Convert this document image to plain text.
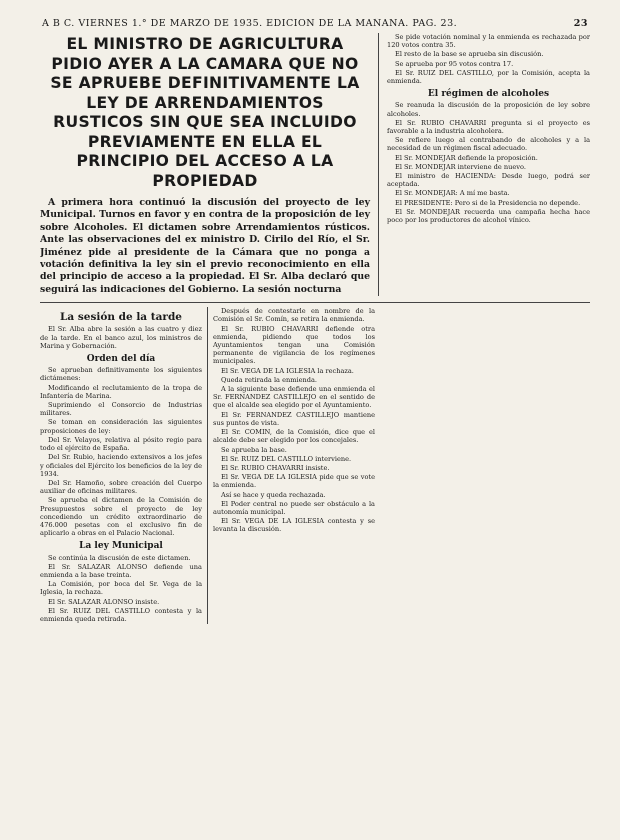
A B C. VIERNES 1.° DE MARZO DE 1935. EDICION DE LA MAÑANA. PAG. 23.	23
EL MINISTRO DE AGRICULTURA PIDIO AYER A LA CAMARA QUE NO SE APRUEBE DEFINITIVAMENTE LA LEY DE ARRENDAMIENTOS RUSTICOS SIN QUE SEA INCLUIDO PREVIAMENTE EN ELLA EL PRINCIPIO DEL ACCESO A LA PROPIEDAD

A primera hora continuó la discusión del proyecto de ley Municipal. Turnos en favor y en contra de la proposición de ley sobre Alcoholes. El dictamen sobre Arrendamientos rústicos. Ante las observaciones del ex ministro D. Cirilo del Río, el Sr. Jiménez pide al presidente de la Cámara que no ponga a votación definitiva la ley sin el previo reconocimiento en ella del principio de acceso a la propiedad. El Sr. Alba declaró que seguirá las indicaciones del Gobierno. La sesión nocturna

Se pide votación nominal y la enmienda es rechazada por 120 votos contra 35.

El resto de la base se aprueba sin discusión.

Se aprueba por 95 votos contra 17.

El Sr. RUIZ DEL CASTILLO, por la Comisión, acepta la enmienda.

El régimen de alcoholes

Se reanuda la discusión de la proposición de ley sobre alcoholes.

El Sr. RUBIO CHAVARRI pregunta si el proyecto es favorable a la industria alcoholera.

Se refiere luego al contrabando de alcoholes y a la necesidad de un régimen fiscal adecuado.

El Sr. MONDEJAR defiende la proposición.

El Sr. MONDEJAR interviene de nuevo.

El ministro de HACIENDA: Desde luego, podrá ser aceptada.

El Sr. MONDEJAR: A mí me basta.

El PRESIDENTE: Pero si de la Presidencia no depende.

El Sr. MONDEJAR recuerda una campaña hecha hace poco por los productores de alcohol vínico.

La sesión de la tarde

El Sr. Alba abre la sesión a las cuatro y diez de la tarde. En el banco azul, los ministros de Marina y Gobernación.

Orden del día

Se aprueban definitivamente los siguientes dictámenes:

Modificando el reclutamiento de la tropa de Infantería de Marina.

Suprimiendo el Consorcio de Industrias militares.

Se toman en consideración las siguientes proposiciones de ley:

Del Sr. Velayos, relativa al pósito regio para todo el ejército de España.

Del Sr. Rubio, haciendo extensivos a los jefes y oficiales del Ejército los beneficios de la ley de 1934.

Del Sr. Hamoño, sobre creación del Cuerpo auxiliar de oficinas militares.

Se aprueba el dictamen de la Comisión de Presupuestos sobre el proyecto de ley concediendo un crédito extraordinario de 476.000 pesetas con el exclusivo fin de aplicarlo a obras en el Palacio Nacional.

La ley Municipal

Se continúa la discusión de este dictamen.

El Sr. SALAZAR ALONSO defiende una enmienda a la base treinta.

La Comisión, por boca del Sr. Vega de la Iglesia, la rechaza.

El Sr. SALAZAR ALONSO insiste.

El Sr. RUIZ DEL CASTILLO contesta y la enmienda queda retirada.

Después de contestarle en nombre de la Comisión el Sr. Comín, se retira la enmienda.

El Sr. RUBIO CHAVARRI defiende otra enmienda, pidiendo que todos los Ayuntamientos tengan una Comisión permanente de vigilancia de los regímenes municipales.

El Sr. VEGA DE LA IGLESIA la rechaza.

Queda retirada la enmienda.

A la siguiente base defiende una enmienda el Sr. FERNANDEZ CASTILLEJO en el sentido de que el alcalde sea elegido por el Ayuntamiento.

El Sr. FERNANDEZ CASTILLEJO mantiene sus puntos de vista.

El Sr. COMIN, de la Comisión, dice que el alcalde debe ser elegido por los concejales.

Se aprueba la base.

El Sr. RUIZ DEL CASTILLO interviene.

El Sr. RUBIO CHAVARRI insiste.

El Sr. VEGA DE LA IGLESIA pide que se vote la enmienda.

Así se hace y queda rechazada.

El Poder central no puede ser obstáculo a la autonomía municipal.

El Sr. VEGA DE LA IGLESIA contesta y se levanta la discusión.
